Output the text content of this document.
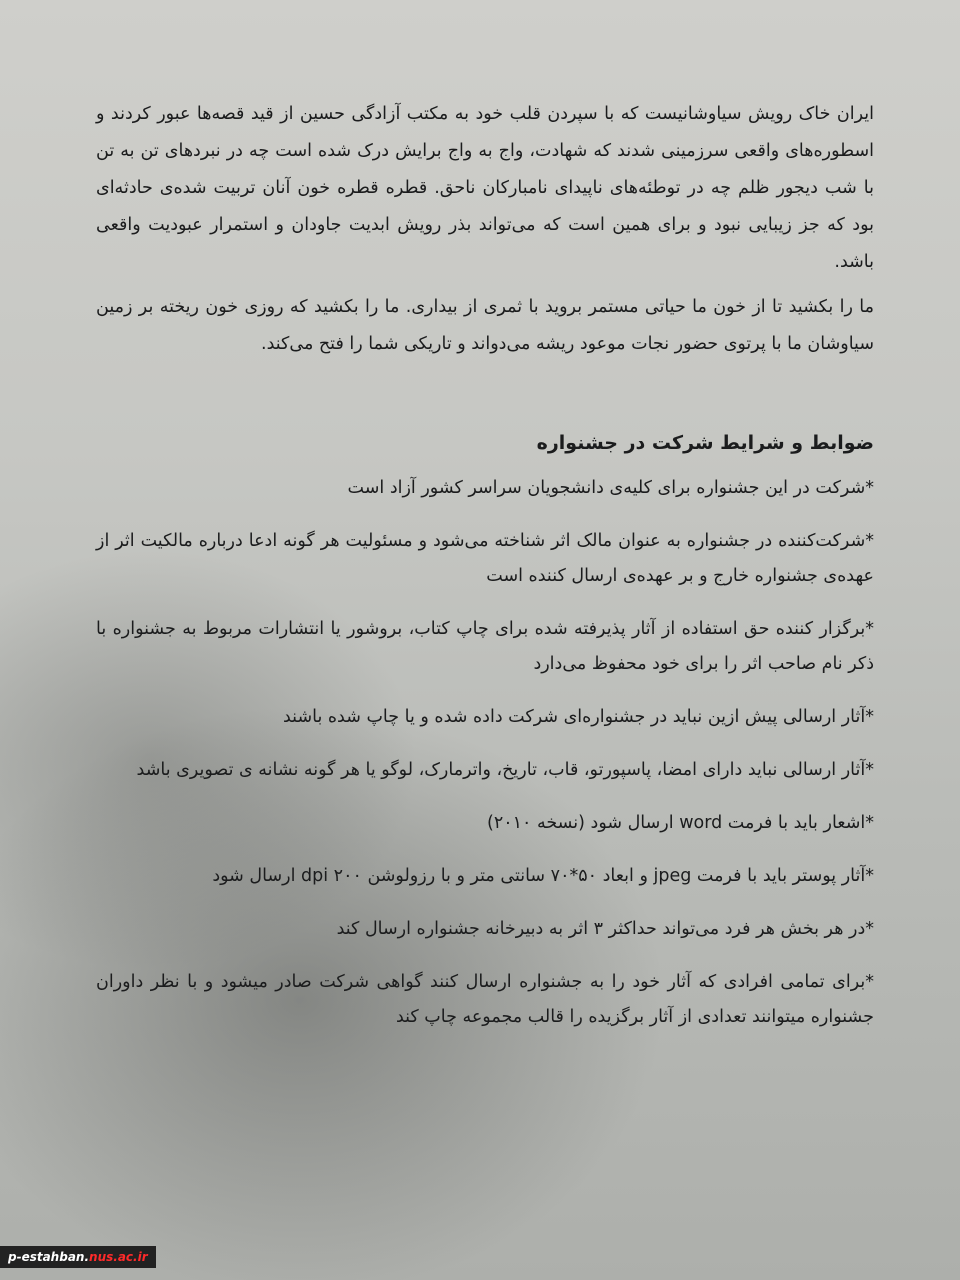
ایران خاک رویش سیاوشانیست که با سپردن قلب خود به مکتب آزادگی حسین از قید قصه‌ها عبور کردند و اسطوره‌های واقعی سرزمینی شدند که شهادت، واج به واج برایش درک شده است چه در نبردهای تن به تن با شب دیجور ظلم چه در توطئه‌های ناپیدای نامبارکان ناحق. قطره قطره خون آنان تربیت شده‌ی حادثه‌ای بود که جز زیبایی نبود و برای همین است که می‌تواند بذر رویش ابدیت جاودان و استمرار عبودیت واقعی باشد.

ما را بکشید تا از خون ما حیاتی مستمر بروید با ثمری از بیداری. ما را بکشید که روزی خون ریخته بر زمین سیاوشان ما با پرتوی حضور نجات موعود ریشه می‌دواند و تاریکی شما را فتح می‌کند.

ضوابط و شرایط شرکت در جشنواره

*شرکت در این جشنواره برای کلیه‌ی دانشجویان سراسر کشور آزاد است

*شرکت‌کننده در جشنواره به عنوان مالک اثر شناخته می‌شود و مسئولیت هر گونه ادعا درباره مالکیت اثر از عهده‌ی جشنواره خارج و بر عهده‌ی ارسال کننده است

*برگزار کننده حق استفاده از آثار پذیرفته شده برای چاپ کتاب، بروشور یا انتشارات مربوط به جشنواره با ذکر نام صاحب اثر را برای خود محفوظ می‌دارد

*آثار ارسالی پیش ازین نباید در جشنواره‌ای شرکت داده شده و یا چاپ شده باشند

*آثار ارسالی نباید دارای امضا، پاسپورتو، قاب، تاریخ، واترمارک، لوگو یا هر گونه نشانه ی تصویری باشد

*اشعار باید با فرمت word ارسال شود (نسخه ۲۰۱۰)

*آثار پوستر باید با فرمت jpeg و ابعاد ۵۰*۷۰ سانتی متر و با رزولوشن ۲۰۰ dpi ارسال شود

*در هر بخش هر فرد می‌تواند حداکثر ۳ اثر به دبیرخانه جشنواره ارسال کند

*برای تمامی افرادی که آثار خود را به جشنواره ارسال کنند گواهی شرکت صادر میشود و با نظر داوران جشنواره میتوانند تعدادی از آثار برگزیده را قالب مجموعه چاپ کند

p-estahban.nus.ac.ir
